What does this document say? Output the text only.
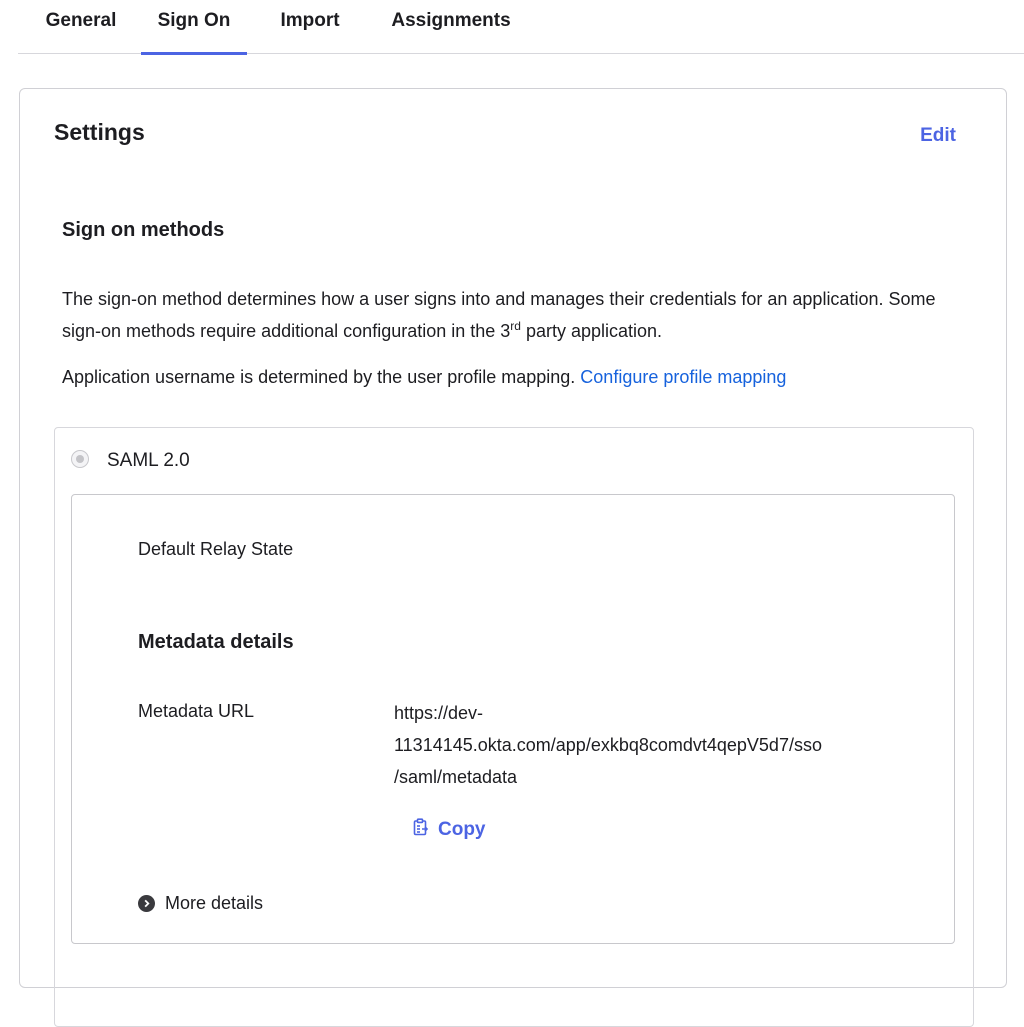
General	Sign On	Import	Assignments
Settings	Edit
Sign on methods
The sign-on method determines how a user signs into and manages their credentials for an application. Some sign-on methods require additional configuration in the 3rd party application.
Application username is determined by the user profile mapping. Configure profile mapping
SAML 2.0
Default Relay State
Metadata details
Metadata URL	https://dev-
11314145.okta.com/app/exkbq8comdvt4qepV5d7/sso
/saml/metadata
Copy
More details
